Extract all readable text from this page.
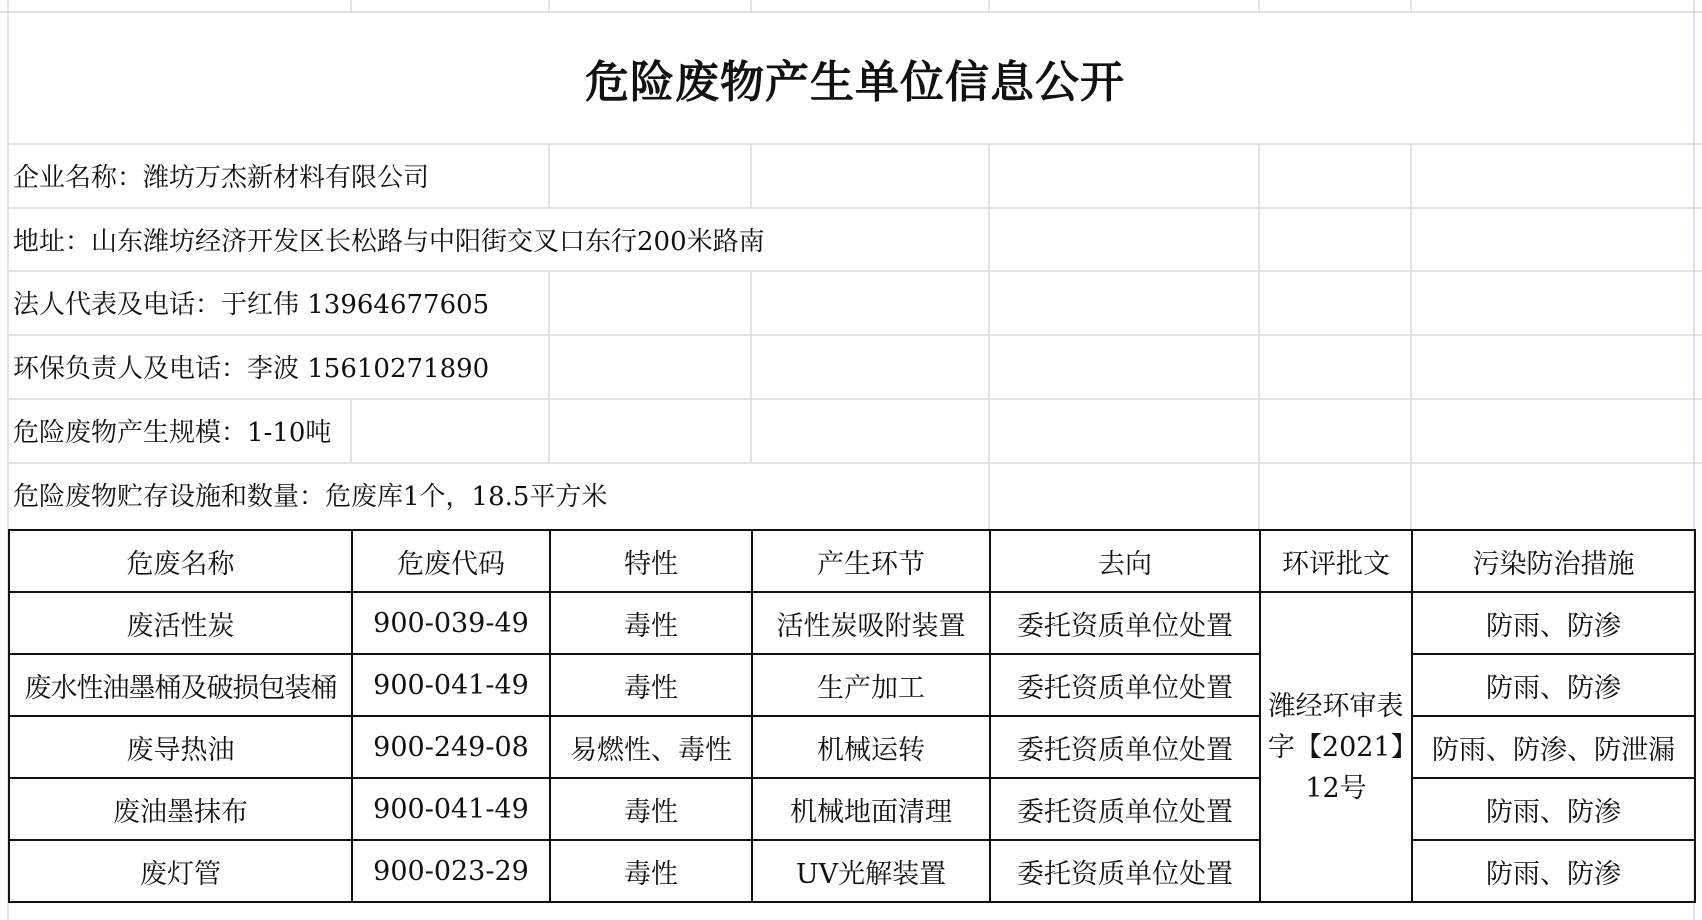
危险废物产生单位信息公开
企业名称：潍坊万杰新材料有限公司
地址：山东潍坊经济开发区长松路与中阳街交叉口东行200米路南
法人代表及电话：于红伟 13964677605
环保负责人及电话：李波 15610271890
危险废物产生规模：1-10吨
危险废物贮存设施和数量：危废库1个，18.5平方米
危废名称	危废代码	特性	产生环节	去向	环评批文	污染防治措施
废活性炭	900-039-49	毒性	活性炭吸附装置	委托资质单位处置	潍经环审表字【2021】12号	防雨、防渗
废水性油墨桶及破损包装桶	900-041-49	毒性	生产加工	委托资质单位处置		防雨、防渗
废导热油	900-249-08	易燃性、毒性	机械运转	委托资质单位处置		防雨、防渗、防泄漏
废油墨抹布	900-041-49	毒性	机械地面清理	委托资质单位处置		防雨、防渗
废灯管	900-023-29	毒性	UV光解装置	委托资质单位处置		防雨、防渗
